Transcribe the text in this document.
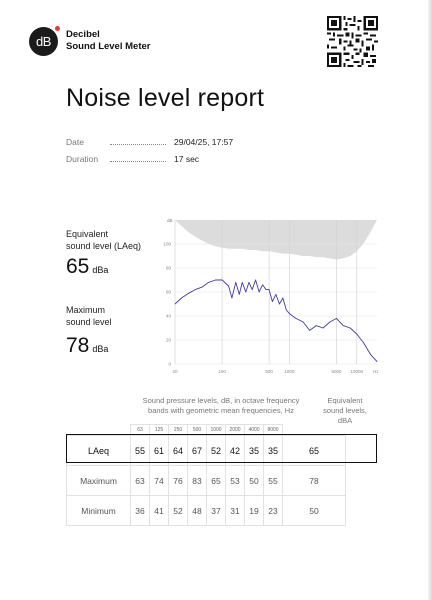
dB Decibel
Sound Level Meter
Noise level report
Date	29/04/25, 17:57
Duration	17 sec
Equivalent
sound level (LAeq)
65 dBa
Maximum
sound level
78 dBa
0
20
40
60
80
100
20	100	500	1000	5000 10000
dB
Hz
Sound pressure levels, dB, in octave frequency
bands with geometric mean frequencies, Hz
Equivalent
sound levels,
dBA
	63	125	250	500	1000	2000	4000	8000	
LAeq	55	61	64	67	52	42	35	35	65
Maximum	63	74	76	83	65	53	50	55	78
Minimum	36	41	52	48	37	31	19	23	50
